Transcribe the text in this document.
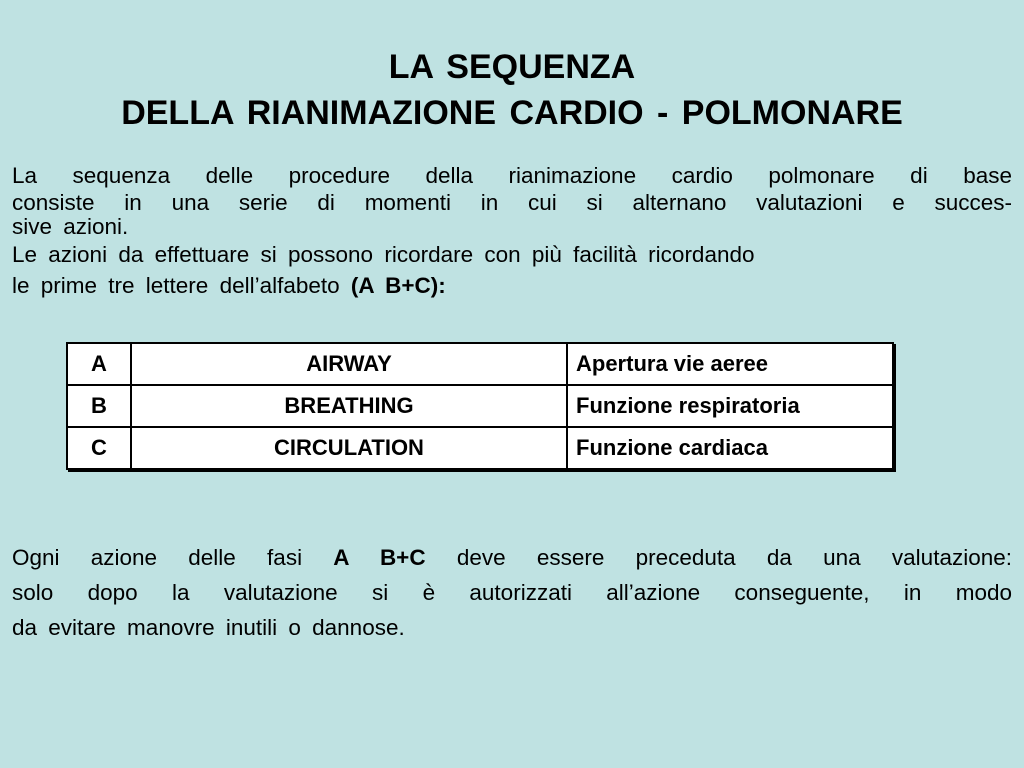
LA SEQUENZA
DELLA RIANIMAZIONE CARDIO - POLMONARE
La sequenza delle procedure della rianimazione cardio polmonare di base
consiste in una serie di momenti in cui si alternano valutazioni e succes-
sive azioni.
Le azioni da effettuare si possono ricordare con più facilità ricordando
le prime tre lettere dell’alfabeto (A B+C):
A	AIRWAY	Apertura vie aeree
B	BREATHING	Funzione respiratoria
C	CIRCULATION	Funzione cardiaca
Ogni azione delle fasi A B+C deve essere preceduta da una valutazione:
solo dopo la valutazione si è autorizzati all’azione conseguente, in modo
da evitare manovre inutili o dannose.
